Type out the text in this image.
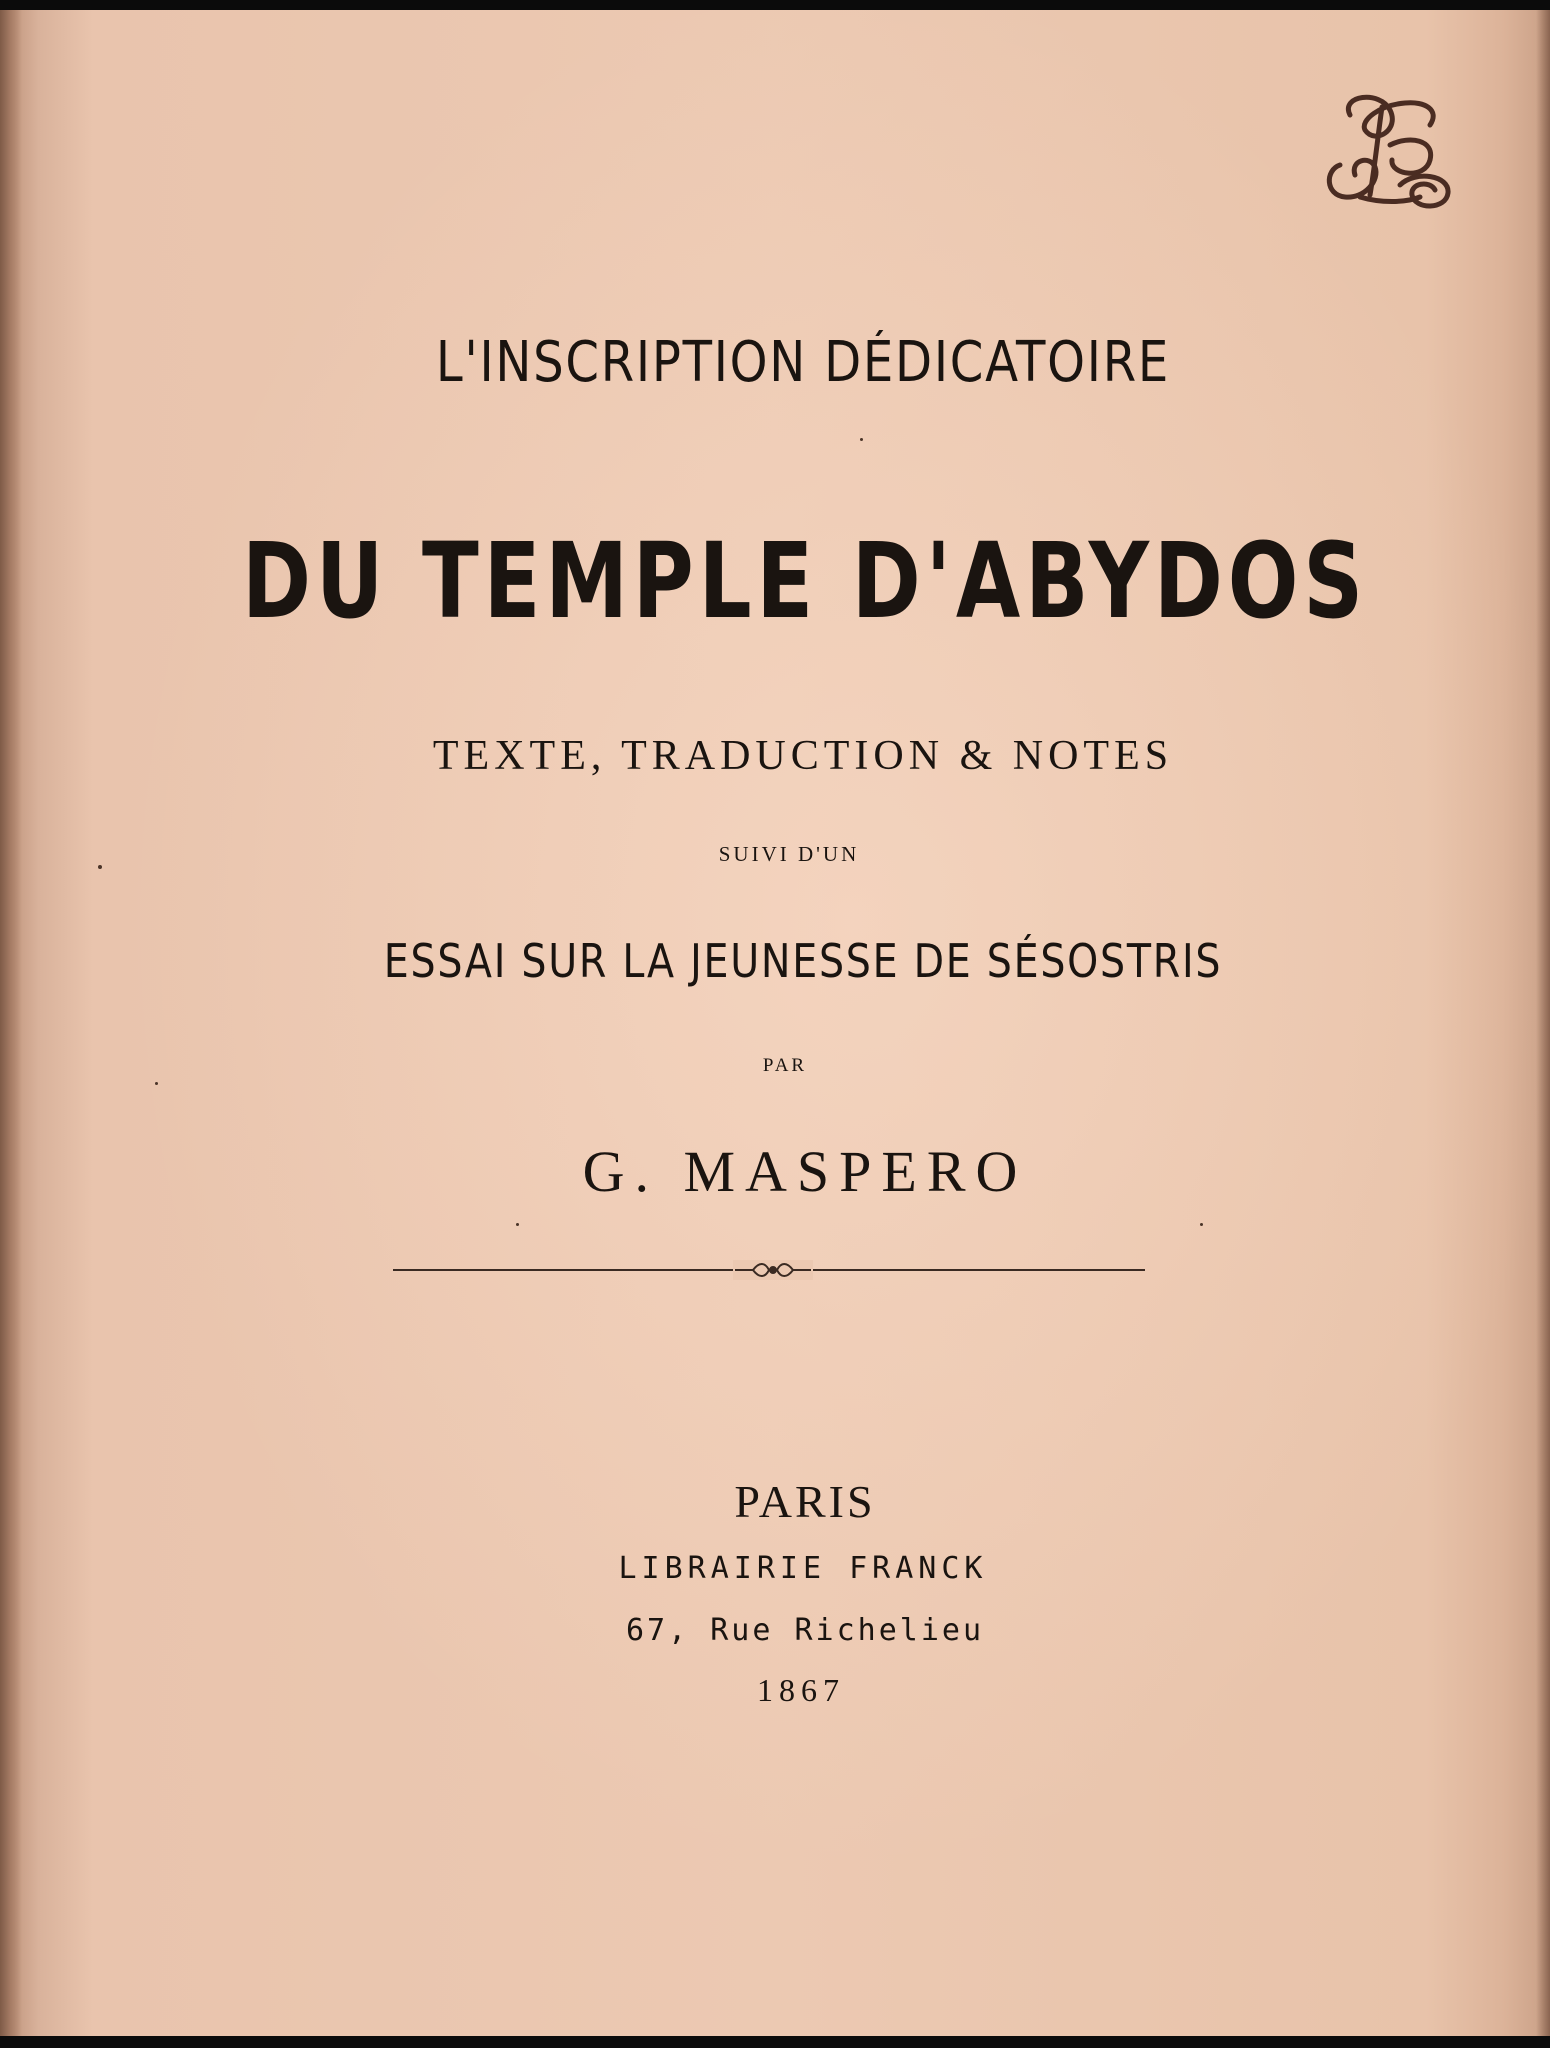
L'INSCRIPTION DÉDICATOIRE
DU TEMPLE D'ABYDOS
TEXTE, TRADUCTION & NOTES
SUIVI D'UN
ESSAI SUR LA JEUNESSE DE SÉSOSTRIS
PAR
G. MASPERO
PARIS
LIBRAIRIE FRANCK
67, Rue Richelieu
1867
